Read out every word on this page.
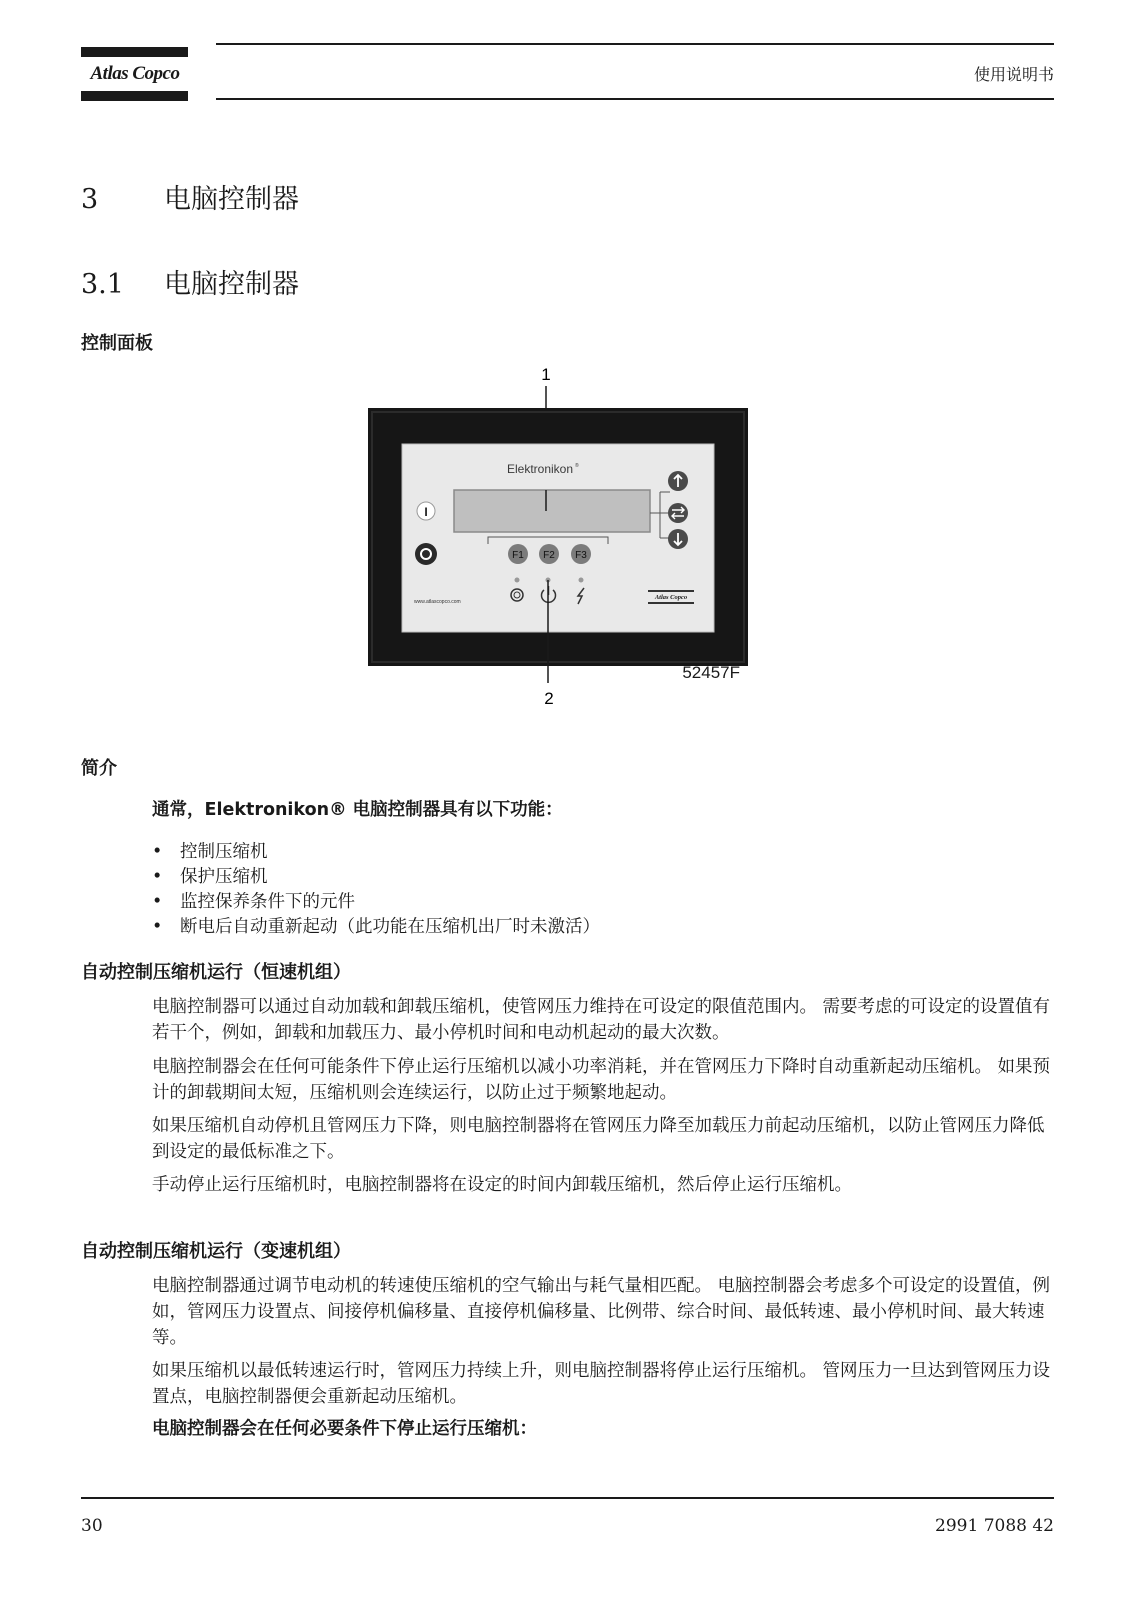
Atlas Copco	使用说明书
3 电脑控制器
3.1 电脑控制器
控制面板
1
Elektronikon ®
I
F1 F2 F3
2
www.atlascopco.com
Atlas Copco
52457F
简介
通常，Elektronikon® 电脑控制器具有以下功能：
• 控制压缩机
• 保护压缩机
• 监控保养条件下的元件
• 断电后自动重新起动（此功能在压缩机出厂时未激活）
自动控制压缩机运行（恒速机组）
电脑控制器可以通过自动加载和卸载压缩机，使管网压力维持在可设定的限值范围内。 需要考虑的可设定的设置值有若干个，例如，卸载和加载压力、最小停机时间和电动机起动的最大次数。
电脑控制器会在任何可能条件下停止运行压缩机以减小功率消耗，并在管网压力下降时自动重新起动压缩机。 如果预计的卸载期间太短，压缩机则会连续运行，以防止过于频繁地起动。
如果压缩机自动停机且管网压力下降，则电脑控制器将在管网压力降至加载压力前起动压缩机，以防止管网压力降低到设定的最低标准之下。
手动停止运行压缩机时，电脑控制器将在设定的时间内卸载压缩机，然后停止运行压缩机。
自动控制压缩机运行（变速机组）
电脑控制器通过调节电动机的转速使压缩机的空气输出与耗气量相匹配。 电脑控制器会考虑多个可设定的设置值，例如，管网压力设置点、间接停机偏移量、直接停机偏移量、比例带、综合时间、最低转速、最小停机时间、最大转速等。
如果压缩机以最低转速运行时，管网压力持续上升，则电脑控制器将停止运行压缩机。 管网压力一旦达到管网压力设置点，电脑控制器便会重新起动压缩机。
电脑控制器会在任何必要条件下停止运行压缩机：
30	2991 7088 42
